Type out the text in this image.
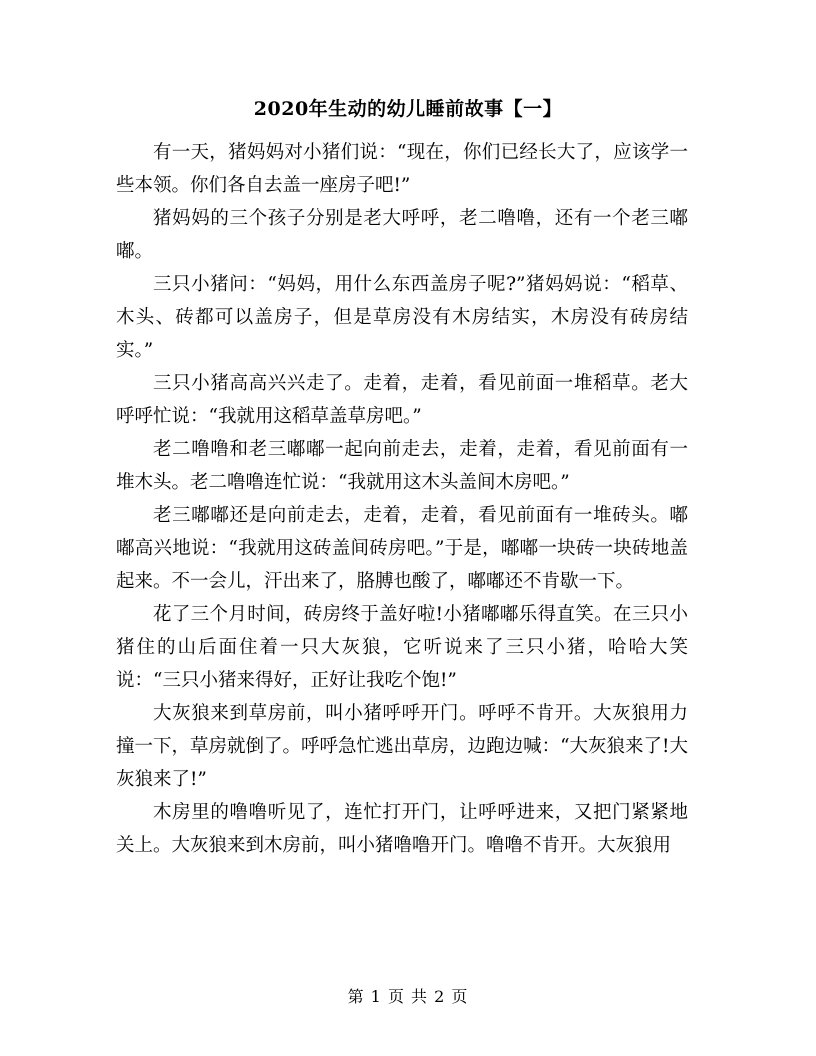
2020年生动的幼儿睡前故事【一】

有一天，猪妈妈对小猪们说：“现在，你们已经长大了，应该学一些本领。你们各自去盖一座房子吧!”

猪妈妈的三个孩子分别是老大呼呼，老二噜噜，还有一个老三嘟嘟。

三只小猪问：“妈妈，用什么东西盖房子呢?”猪妈妈说：“稻草、木头、砖都可以盖房子，但是草房没有木房结实，木房没有砖房结实。”

三只小猪高高兴兴走了。走着，走着，看见前面一堆稻草。老大呼呼忙说：“我就用这稻草盖草房吧。”

老二噜噜和老三嘟嘟一起向前走去，走着，走着，看见前面有一堆木头。老二噜噜连忙说：“我就用这木头盖间木房吧。”

老三嘟嘟还是向前走去，走着，走着，看见前面有一堆砖头。嘟嘟高兴地说：“我就用这砖盖间砖房吧。”于是，嘟嘟一块砖一块砖地盖起来。不一会儿，汗出来了，胳膊也酸了，嘟嘟还不肯歇一下。

花了三个月时间，砖房终于盖好啦!小猪嘟嘟乐得直笑。在三只小猪住的山后面住着一只大灰狼，它听说来了三只小猪，哈哈大笑说：“三只小猪来得好，正好让我吃个饱!”

大灰狼来到草房前，叫小猪呼呼开门。呼呼不肯开。大灰狼用力撞一下，草房就倒了。呼呼急忙逃出草房，边跑边喊：“大灰狼来了!大灰狼来了!”

木房里的噜噜听见了，连忙打开门，让呼呼进来，又把门紧紧地关上。大灰狼来到木房前，叫小猪噜噜开门。噜噜不肯开。大灰狼用

第 1 页 共 2 页
